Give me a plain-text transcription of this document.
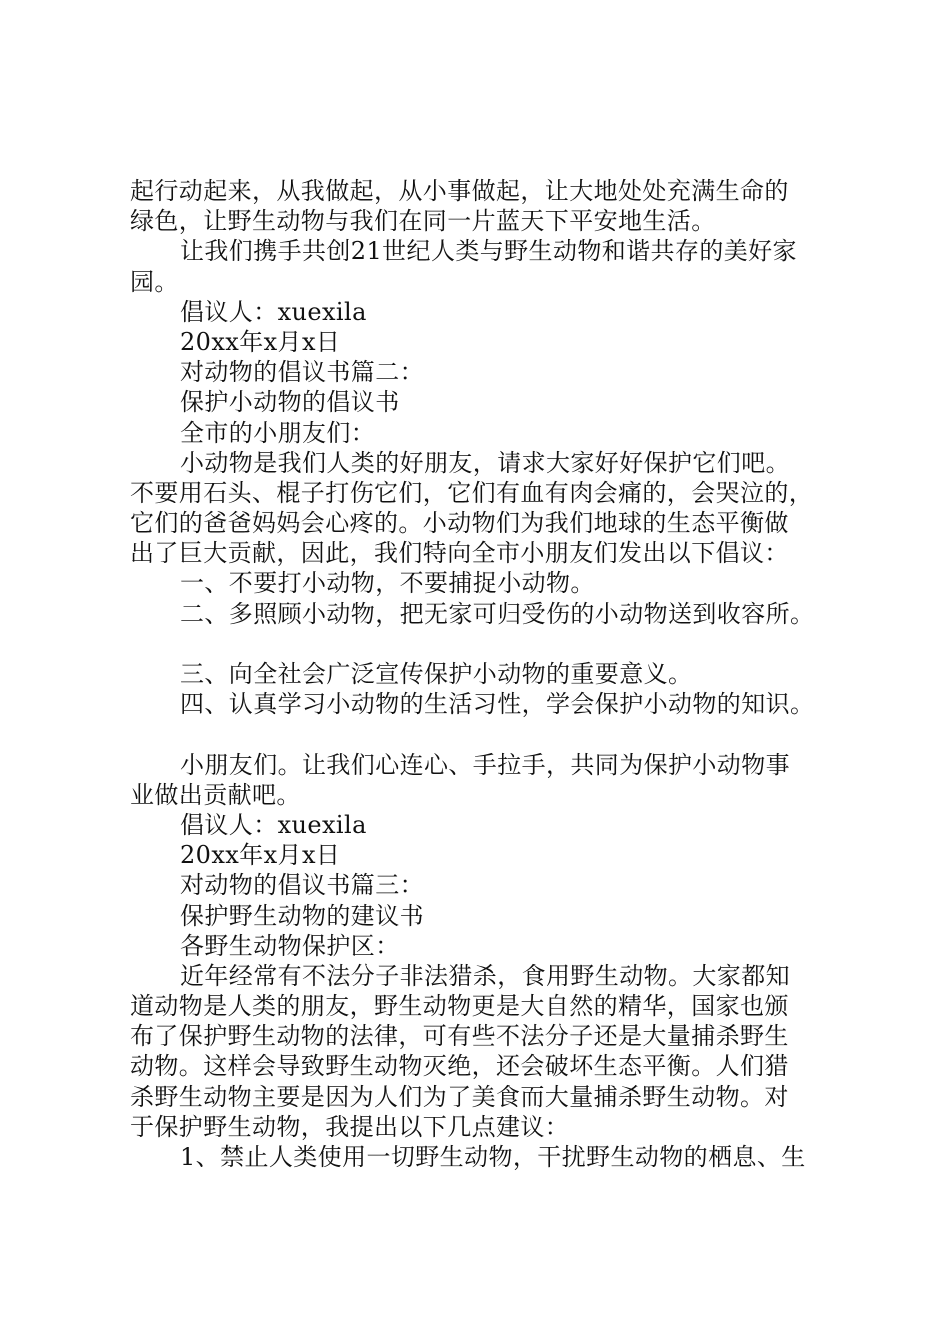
起行动起来，从我做起，从小事做起，让大地处处充满生命的
绿色，让野生动物与我们在同一片蓝天下平安地生活。
让我们携手共创21世纪人类与野生动物和谐共存的美好家
园。
倡议人：xuexila
20xx年x月x日
对动物的倡议书篇二：
保护小动物的倡议书
全市的小朋友们：
小动物是我们人类的好朋友，请求大家好好保护它们吧。
不要用石头、棍子打伤它们，它们有血有肉会痛的，会哭泣的，
它们的爸爸妈妈会心疼的。小动物们为我们地球的生态平衡做
出了巨大贡献，因此，我们特向全市小朋友们发出以下倡议：
一、不要打小动物，不要捕捉小动物。
二、多照顾小动物，把无家可归受伤的小动物送到收容所。
三、向全社会广泛宣传保护小动物的重要意义。
四、认真学习小动物的生活习性，学会保护小动物的知识。
小朋友们。让我们心连心、手拉手，共同为保护小动物事
业做出贡献吧。
倡议人：xuexila
20xx年x月x日
对动物的倡议书篇三：
保护野生动物的建议书
各野生动物保护区：
近年经常有不法分子非法猎杀，食用野生动物。大家都知
道动物是人类的朋友，野生动物更是大自然的精华，国家也颁
布了保护野生动物的法律，可有些不法分子还是大量捕杀野生
动物。这样会导致野生动物灭绝，还会破坏生态平衡。人们猎
杀野生动物主要是因为人们为了美食而大量捕杀野生动物。对
于保护野生动物，我提出以下几点建议：
1、禁止人类使用一切野生动物，干扰野生动物的栖息、生
